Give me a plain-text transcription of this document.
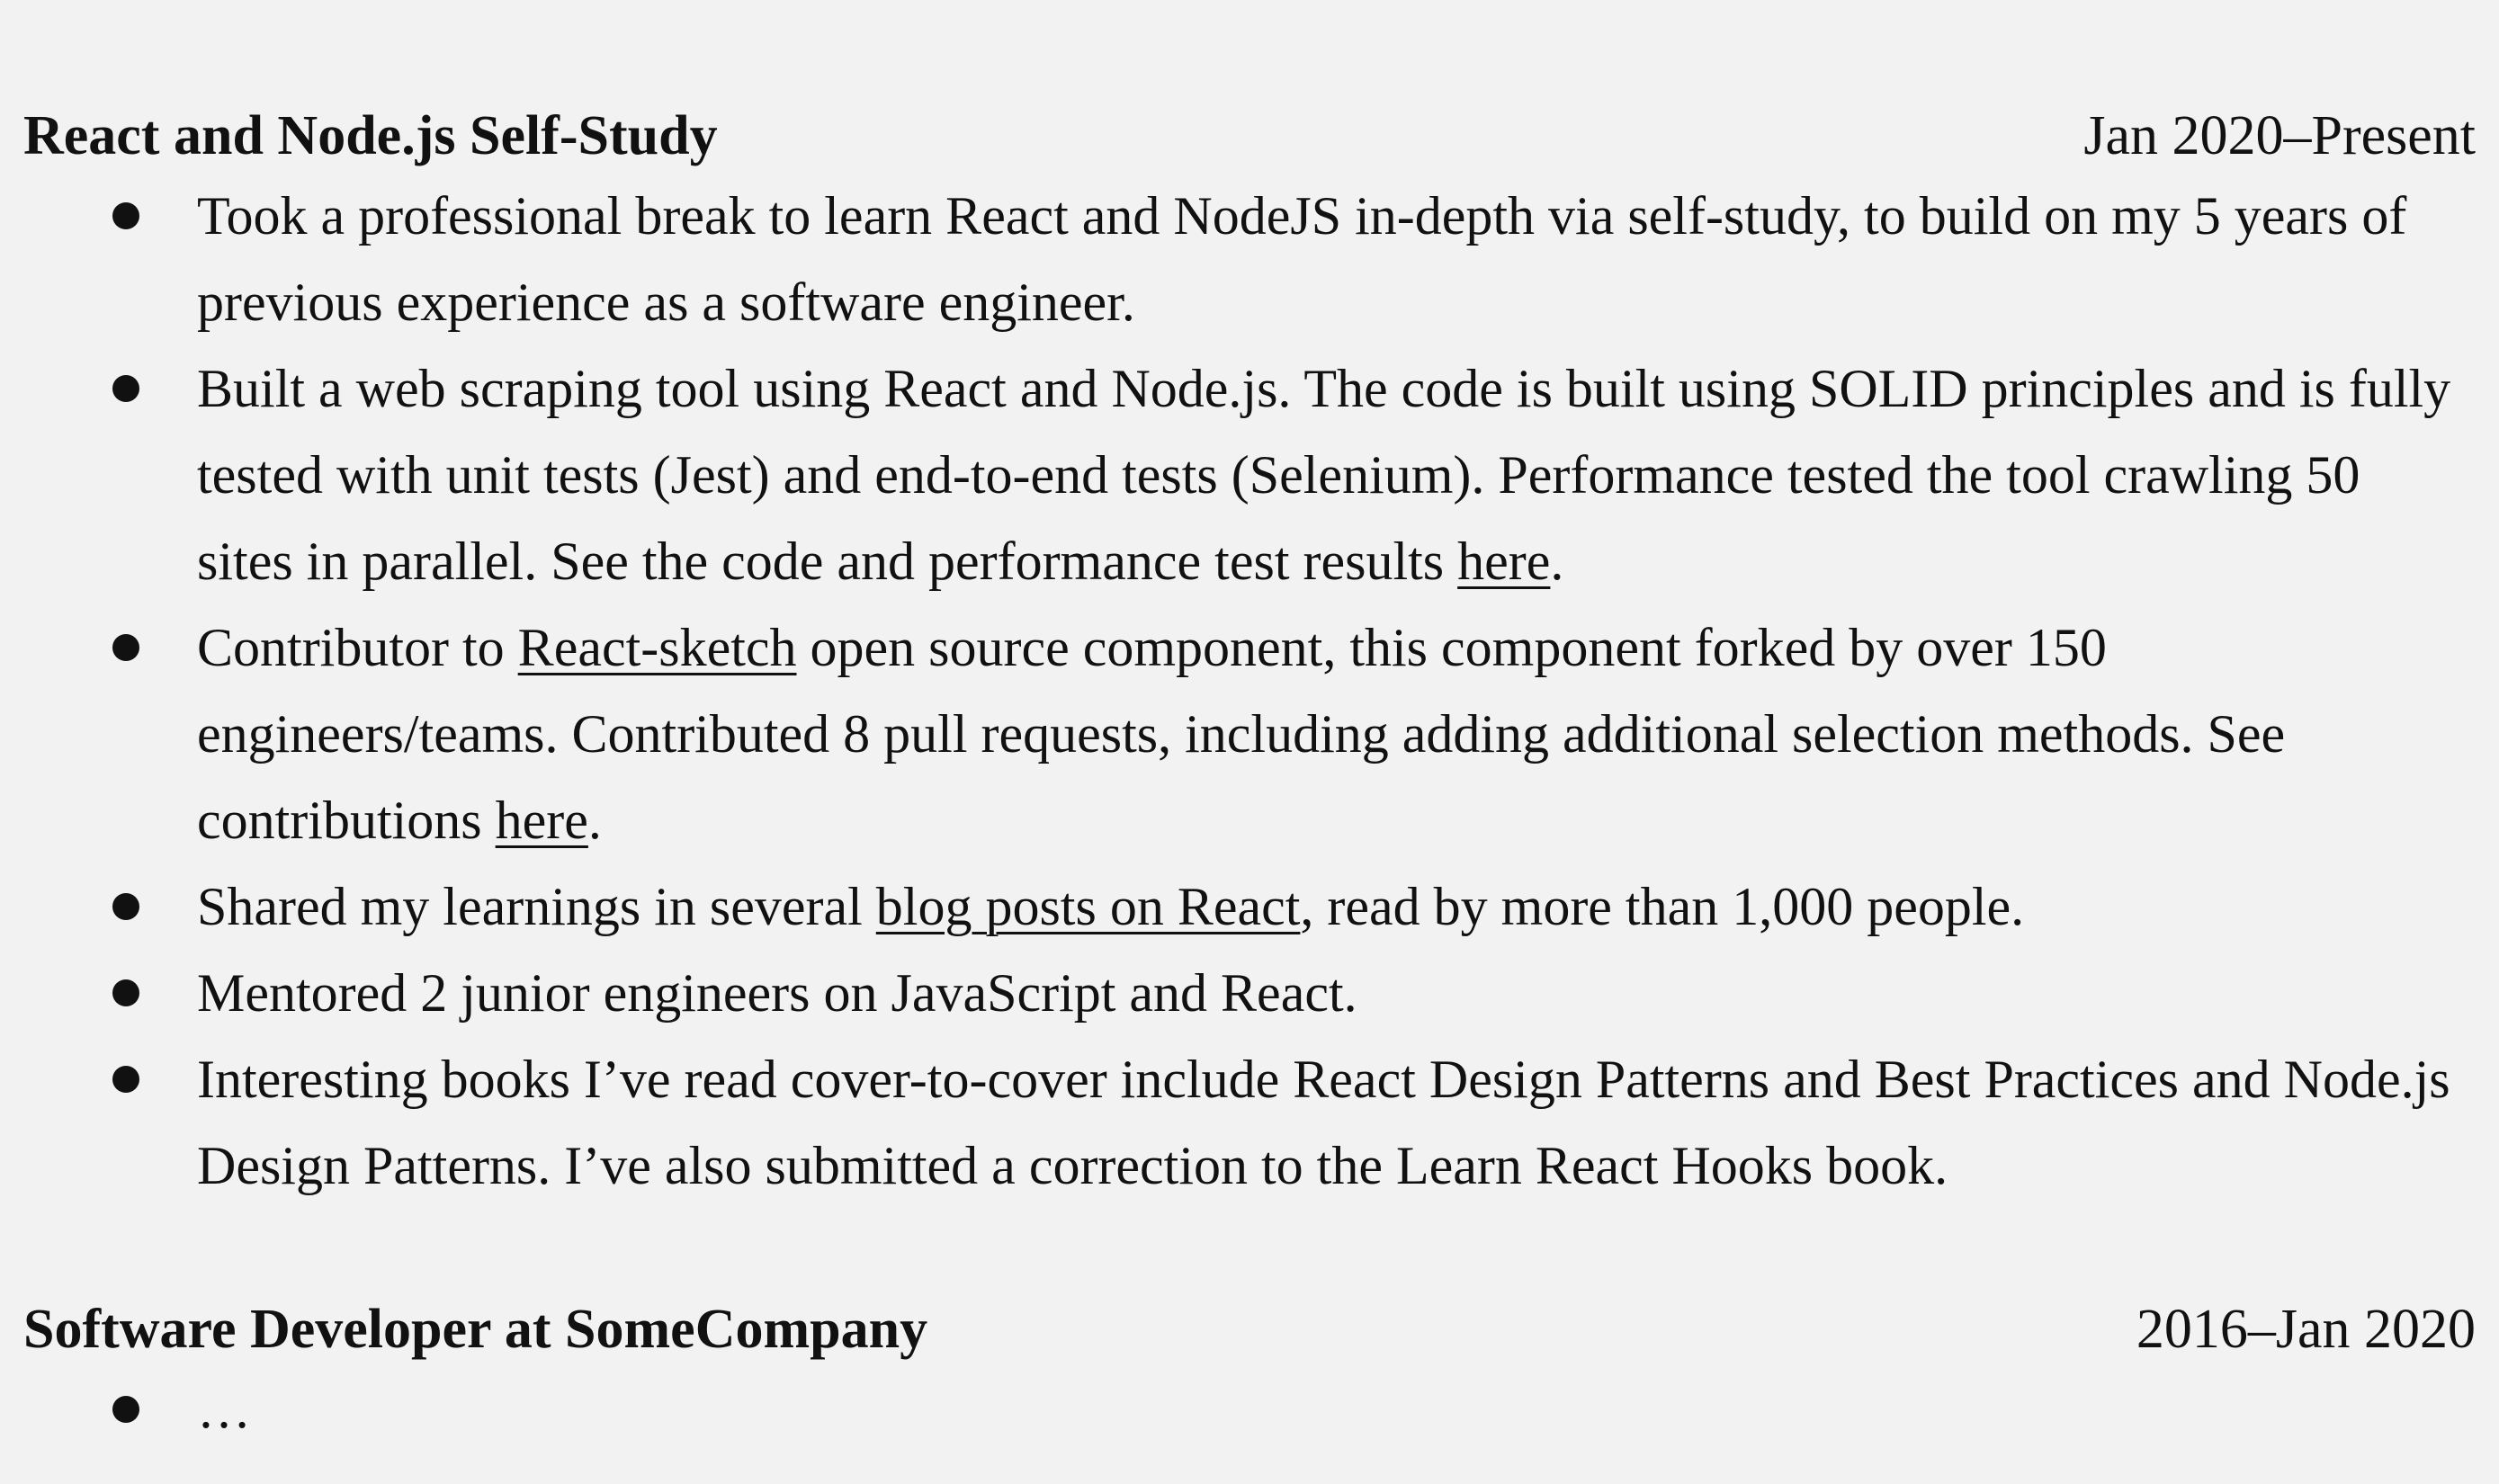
React and Node.js Self-Study	Jan 2020–Present
Took a professional break to learn React and NodeJS in-depth via self-study, to build on my 5 years of previous experience as a software engineer.
Built a web scraping tool using React and Node.js. The code is built using SOLID principles and is fully tested with unit tests (Jest) and end-to-end tests (Selenium). Performance tested the tool crawling 50 sites in parallel. See the code and performance test results here.
Contributor to React-sketch open source component, this component forked by over 150 engineers/teams. Contributed 8 pull requests, including adding additional selection methods. See contributions here.
Shared my learnings in several blog posts on React, read by more than 1,000 people.
Mentored 2 junior engineers on JavaScript and React.
Interesting books I’ve read cover-to-cover include React Design Patterns and Best Practices and Node.js Design Patterns. I’ve also submitted a correction to the Learn React Hooks book.
Software Developer at SomeCompany	2016–Jan 2020
…
